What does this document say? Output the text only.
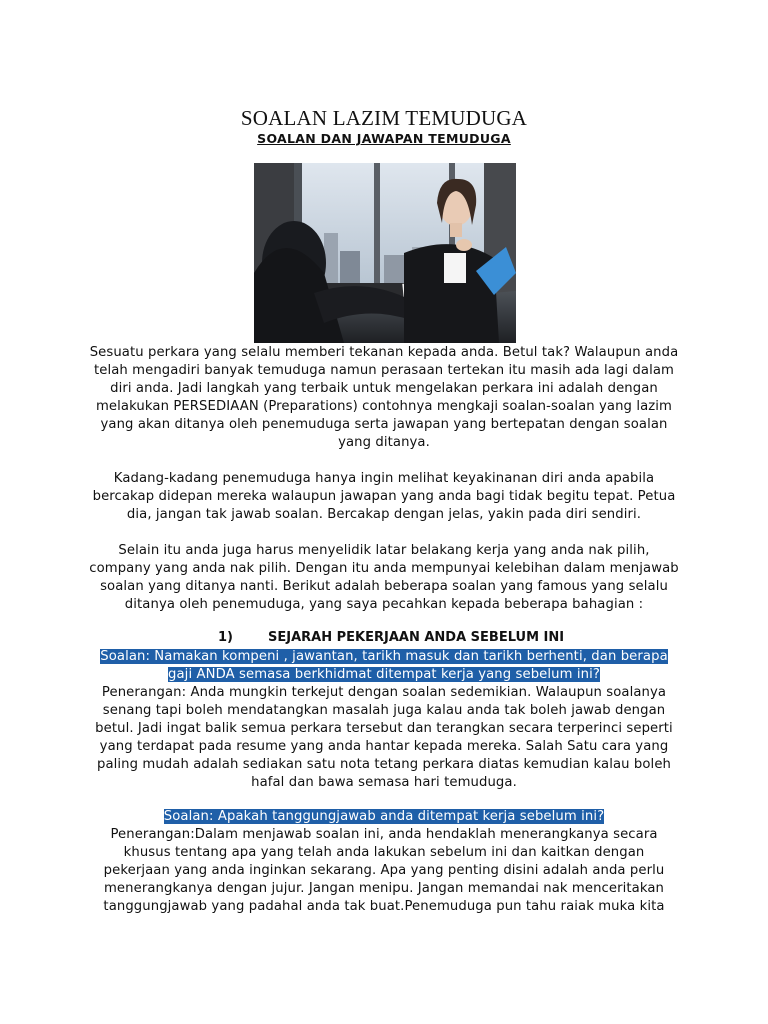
SOALAN LAZIM TEMUDUGA
SOALAN DAN JAWAPAN TEMUDUGA
Sesuatu perkara yang selalu memberi tekanan kepada anda. Betul tak? Walaupun anda
telah mengadiri banyak temuduga namun perasaan tertekan itu masih ada lagi dalam
diri anda. Jadi langkah yang terbaik untuk mengelakan perkara ini adalah dengan
melakukan PERSEDIAAN (Preparations) contohnya mengkaji soalan-soalan yang lazim
yang akan ditanya oleh penemuduga serta jawapan yang bertepatan dengan soalan
yang ditanya.
Kadang-kadang penemuduga hanya ingin melihat keyakinanan diri anda apabila
bercakap didepan mereka walaupun jawapan yang anda bagi tidak begitu tepat. Petua
dia, jangan tak jawab soalan. Bercakap dengan jelas, yakin pada diri sendiri.
Selain itu anda juga harus menyelidik latar belakang kerja yang anda nak pilih,
company yang anda nak pilih. Dengan itu anda mempunyai kelebihan dalam menjawab
soalan yang ditanya nanti. Berikut adalah beberapa soalan yang famous yang selalu
ditanya oleh penemuduga, yang saya pecahkan kepada beberapa bahagian :
1)	SEJARAH PEKERJAAN ANDA SEBELUM INI
Soalan: Namakan kompeni , jawantan, tarikh masuk dan tarikh berhenti, dan berapa
gaji ANDA semasa berkhidmat ditempat kerja yang sebelum ini?
Penerangan: Anda mungkin terkejut dengan soalan sedemikian. Walaupun soalanya
senang tapi boleh mendatangkan masalah juga kalau anda tak boleh jawab dengan
betul. Jadi ingat balik semua perkara tersebut dan terangkan secara terperinci seperti
yang terdapat pada resume yang anda hantar kepada mereka. Salah Satu cara yang
paling mudah adalah sediakan satu nota tetang perkara diatas kemudian kalau boleh
hafal dan bawa semasa hari temuduga.
Soalan: Apakah tanggungjawab anda ditempat kerja sebelum ini?
Penerangan:Dalam menjawab soalan ini, anda hendaklah menerangkanya secara
khusus tentang apa yang telah anda lakukan sebelum ini dan kaitkan dengan
pekerjaan yang anda inginkan sekarang. Apa yang penting disini adalah anda perlu
menerangkanya dengan jujur. Jangan menipu. Jangan memandai nak menceritakan
tanggungjawab yang padahal anda tak buat.Penemuduga pun tahu raiak muka kita
